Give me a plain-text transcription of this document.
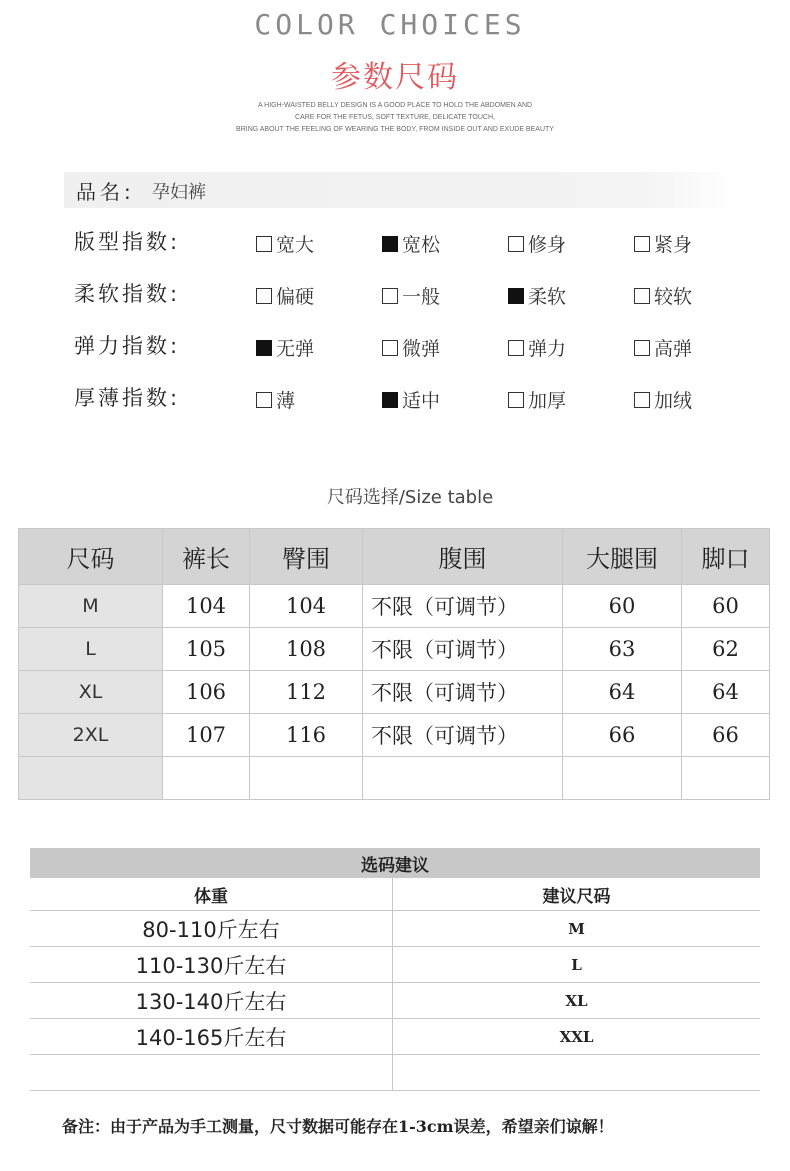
COLOR CHOICES
参数尺码
A HIGH-WAISTED BELLY DESIGN IS A GOOD PLACE TO HOLD THE ABDOMEN AND
CARE FOR THE FETUS, SOFT TEXTURE, DELICATE TOUCH,
BRING ABOUT THE FEELING OF WEARING THE BODY, FROM INSIDE OUT AND EXUDE BEAUTY
品名: 孕妇裤
版型指数:	宽大	宽松	修身	紧身
柔软指数:	偏硬	一般	柔软	较软
弹力指数:	无弹	微弹	弹力	高弹
厚薄指数:	薄	适中	加厚	加绒
尺码选择/Size table
尺码	裤长	臀围	腹围	大腿围	脚口
M	104	104	不限（可调节）	60	60
L	105	108	不限（可调节）	63	62
XL	106	112	不限（可调节）	64	64
2XL	107	116	不限（可调节）	66	66

选码建议	
体重	建议尺码
80-110斤左右	M
110-130斤左右	L
130-140斤左右	XL
140-165斤左右	XXL

备注：由于产品为手工测量，尺寸数据可能存在1-3cm误差，希望亲们谅解！
